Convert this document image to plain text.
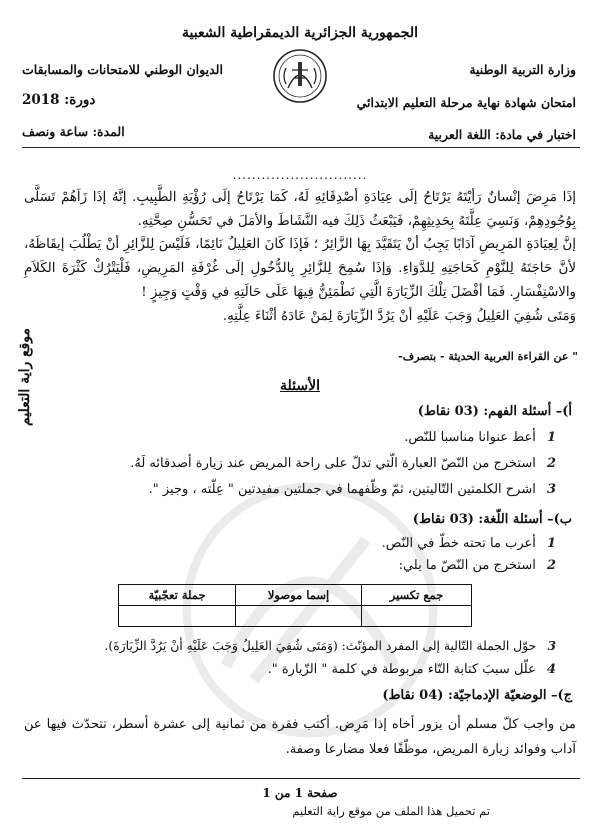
الجمهورية الجزائرية الديمقراطية الشعبية
وزارة التربية الوطنية
الديوان الوطني للامتحانات والمسابقات
امتحان شهادة نهاية مرحلة التعليم الابتدائي
دورة: 2018
اختبار في مادة: اللغة العربية
المدة: ساعة ونصف
............................

إذَا مَرِضَ إنْسانٌ رَأيْتَهُ يَرْتَاحُ إلَى عِيَادَةِ أصْدِقَائِهِ لَهُ، كَمَا يَرْتَاحُ إلَى رُؤْيَةِ الطَّبِيبِ. إنَّهُ إذَا زَاَهُمْ تَسَلَّى بِوُجُودِهِمْ، وَنَسِيَ عِلَّتَهُ بِحَدِيثِهِمْ، فَيَبْعَثُ ذَلِكَ فيه النَّشَاطَ والأمَلَ في تَحَسُّنِ صِحَّتِهِ.

إنَّ لِعِيَادَةِ المَرِيضِ آدَابًا يَجِبُ أنْ يَتَقَيَّدَ بِهَا الزَّائِرُ ؛ فَإذَا كَانَ العَلِيلُ نَائِمًا، فَلَيْسَ لِلزَّائِرِ أنْ يَطْلُبَ إيقَاظَهُ، لأنَّ حَاجَتَهُ لِلنَّوْمِ كَحَاجَتِهِ لِلدَّوَاءِ. وَإذَا سُمِحَ لِلزَّائِرِ بِالدُّخُولِ إلَى غُرْفَةِ المَرِيضِ، فَلْيَتْرُكْ كَثْرَةَ الكَلاَمِ والاسْتِفْسَارِ. فَمَا أفْضَلَ تِلْكَ الزِّيَارَةَ الَّتِي نَطْمَئِنُّ فِيهَا عَلَى حَالَتِهِ في وَقْتٍ وَجِيزٍ !

وَمَتَى شُفِيَ العَلِيلُ وَجَبَ عَلَيْهِ أنْ يَرُدَّ الزِّيَارَةَ لِمَنْ عَادَهُ أثْنَاءَ عِلَّتِهِ.

" عن القراءة العربية الحديثة - بتصرف-
موقع راية التعليم	الأسئلة
أ)– أسئلة الفهم: (03 نقاط)
1 أعط عنوانا مناسبا للنّص.
2 استخرج من النّصّ العبارة الّتي تدلّ على راحة المريض عند زيارة أصدقائه لَهُ.
3 اشرح الكلمتين التّاليتين، ثمّ وظّفهما في جملتين مفيدتين " عِلّته ، وجيز ".
ب)– أسئلة اللّغة: (03 نقاط)
1 أعرب ما تحته خطّ في النّص.
2 استخرج من النّصّ ما يلي:
جمع تكسير	إسما موصولا	جملة تعجّبيّة

3 حوّل الجملة التّالية إلى المفرد المؤنّث: (وَمَتَى شُفِيَ العَلِيلُ وَجَبَ عَلَيْهِ أنْ يَرُدَّ الزِّيَارَةَ).
4 علّل سببَ كتابة التّاء مربوطة في كلمة " الزّيارة ".
ج)– الوضعيّة الإدماجيّة: (04 نقاط)
من واجب كلّ مسلم أن يزور أخاه إذا مَرِض. أكتب فقرة من ثمانية إلى عشرة أسطر، تتحدّث فيها عن آداب وفوائد زيارة المريض، موظّفًا فعلا مضارعا وصفة.
صفحة 1 من 1
تم تحميل هذا الملف من موقع راية التعليم
